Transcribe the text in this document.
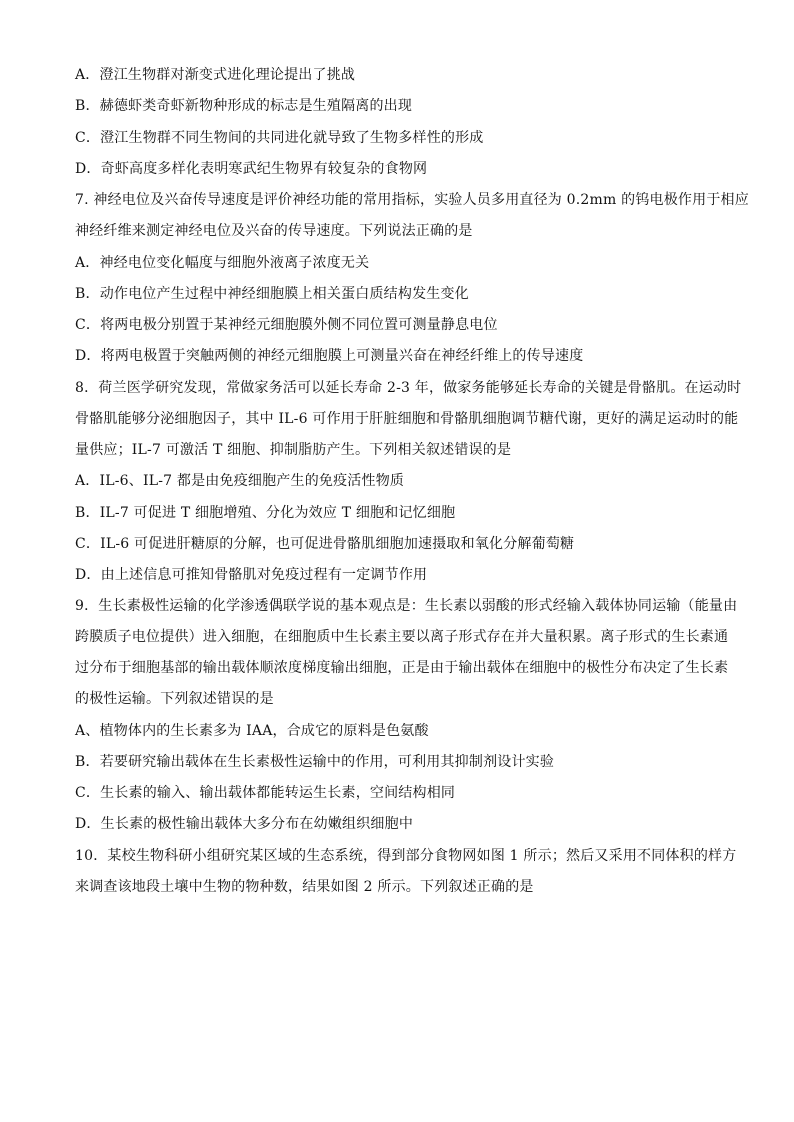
A．澄江生物群对渐变式进化理论提出了挑战
B．赫德虾类奇虾新物种形成的标志是生殖隔离的出现
C．澄江生物群不同生物间的共同进化就导致了生物多样性的形成
D．奇虾高度多样化表明寒武纪生物界有较复杂的食物网
7. 神经电位及兴奋传导速度是评价神经功能的常用指标，实验人员多用直径为 0.2mm 的钨电极作用于相应
神经纤维来测定神经电位及兴奋的传导速度。下列说法正确的是
A．神经电位变化幅度与细胞外液离子浓度无关
B．动作电位产生过程中神经细胞膜上相关蛋白质结构发生变化
C．将两电极分别置于某神经元细胞膜外侧不同位置可测量静息电位
D．将两电极置于突触两侧的神经元细胞膜上可测量兴奋在神经纤维上的传导速度
8．荷兰医学研究发现，常做家务活可以延长寿命 2-3 年，做家务能够延长寿命的关键是骨骼肌。在运动时
骨骼肌能够分泌细胞因子，其中 IL-6 可作用于肝脏细胞和骨骼肌细胞调节糖代谢，更好的满足运动时的能
量供应；IL-7 可激活 T 细胞、抑制脂肪产生。下列相关叙述错误的是
A．IL-6、IL-7 都是由免疫细胞产生的免疫活性物质
B．IL-7 可促进 T 细胞增殖、分化为效应 T 细胞和记忆细胞
C．IL-6 可促进肝糖原的分解，也可促进骨骼肌细胞加速摄取和氧化分解葡萄糖
D．由上述信息可推知骨骼肌对免疫过程有一定调节作用
9．生长素极性运输的化学渗透偶联学说的基本观点是：生长素以弱酸的形式经输入载体协同运输（能量由
跨膜质子电位提供）进入细胞，在细胞质中生长素主要以离子形式存在并大量积累。离子形式的生长素通
过分布于细胞基部的输出载体顺浓度梯度输出细胞，正是由于输出载体在细胞中的极性分布决定了生长素
的极性运输。下列叙述错误的是
A、植物体内的生长素多为 IAA，合成它的原料是色氨酸
B．若要研究输出载体在生长素极性运输中的作用，可利用其抑制剂设计实验
C．生长素的输入、输出载体都能转运生长素，空间结构相同
D．生长素的极性输出载体大多分布在幼嫩组织细胞中
10．某校生物科研小组研究某区域的生态系统，得到部分食物网如图 1 所示；然后又采用不同体积的样方
来调查该地段土壤中生物的物种数，结果如图 2 所示。下列叙述正确的是
